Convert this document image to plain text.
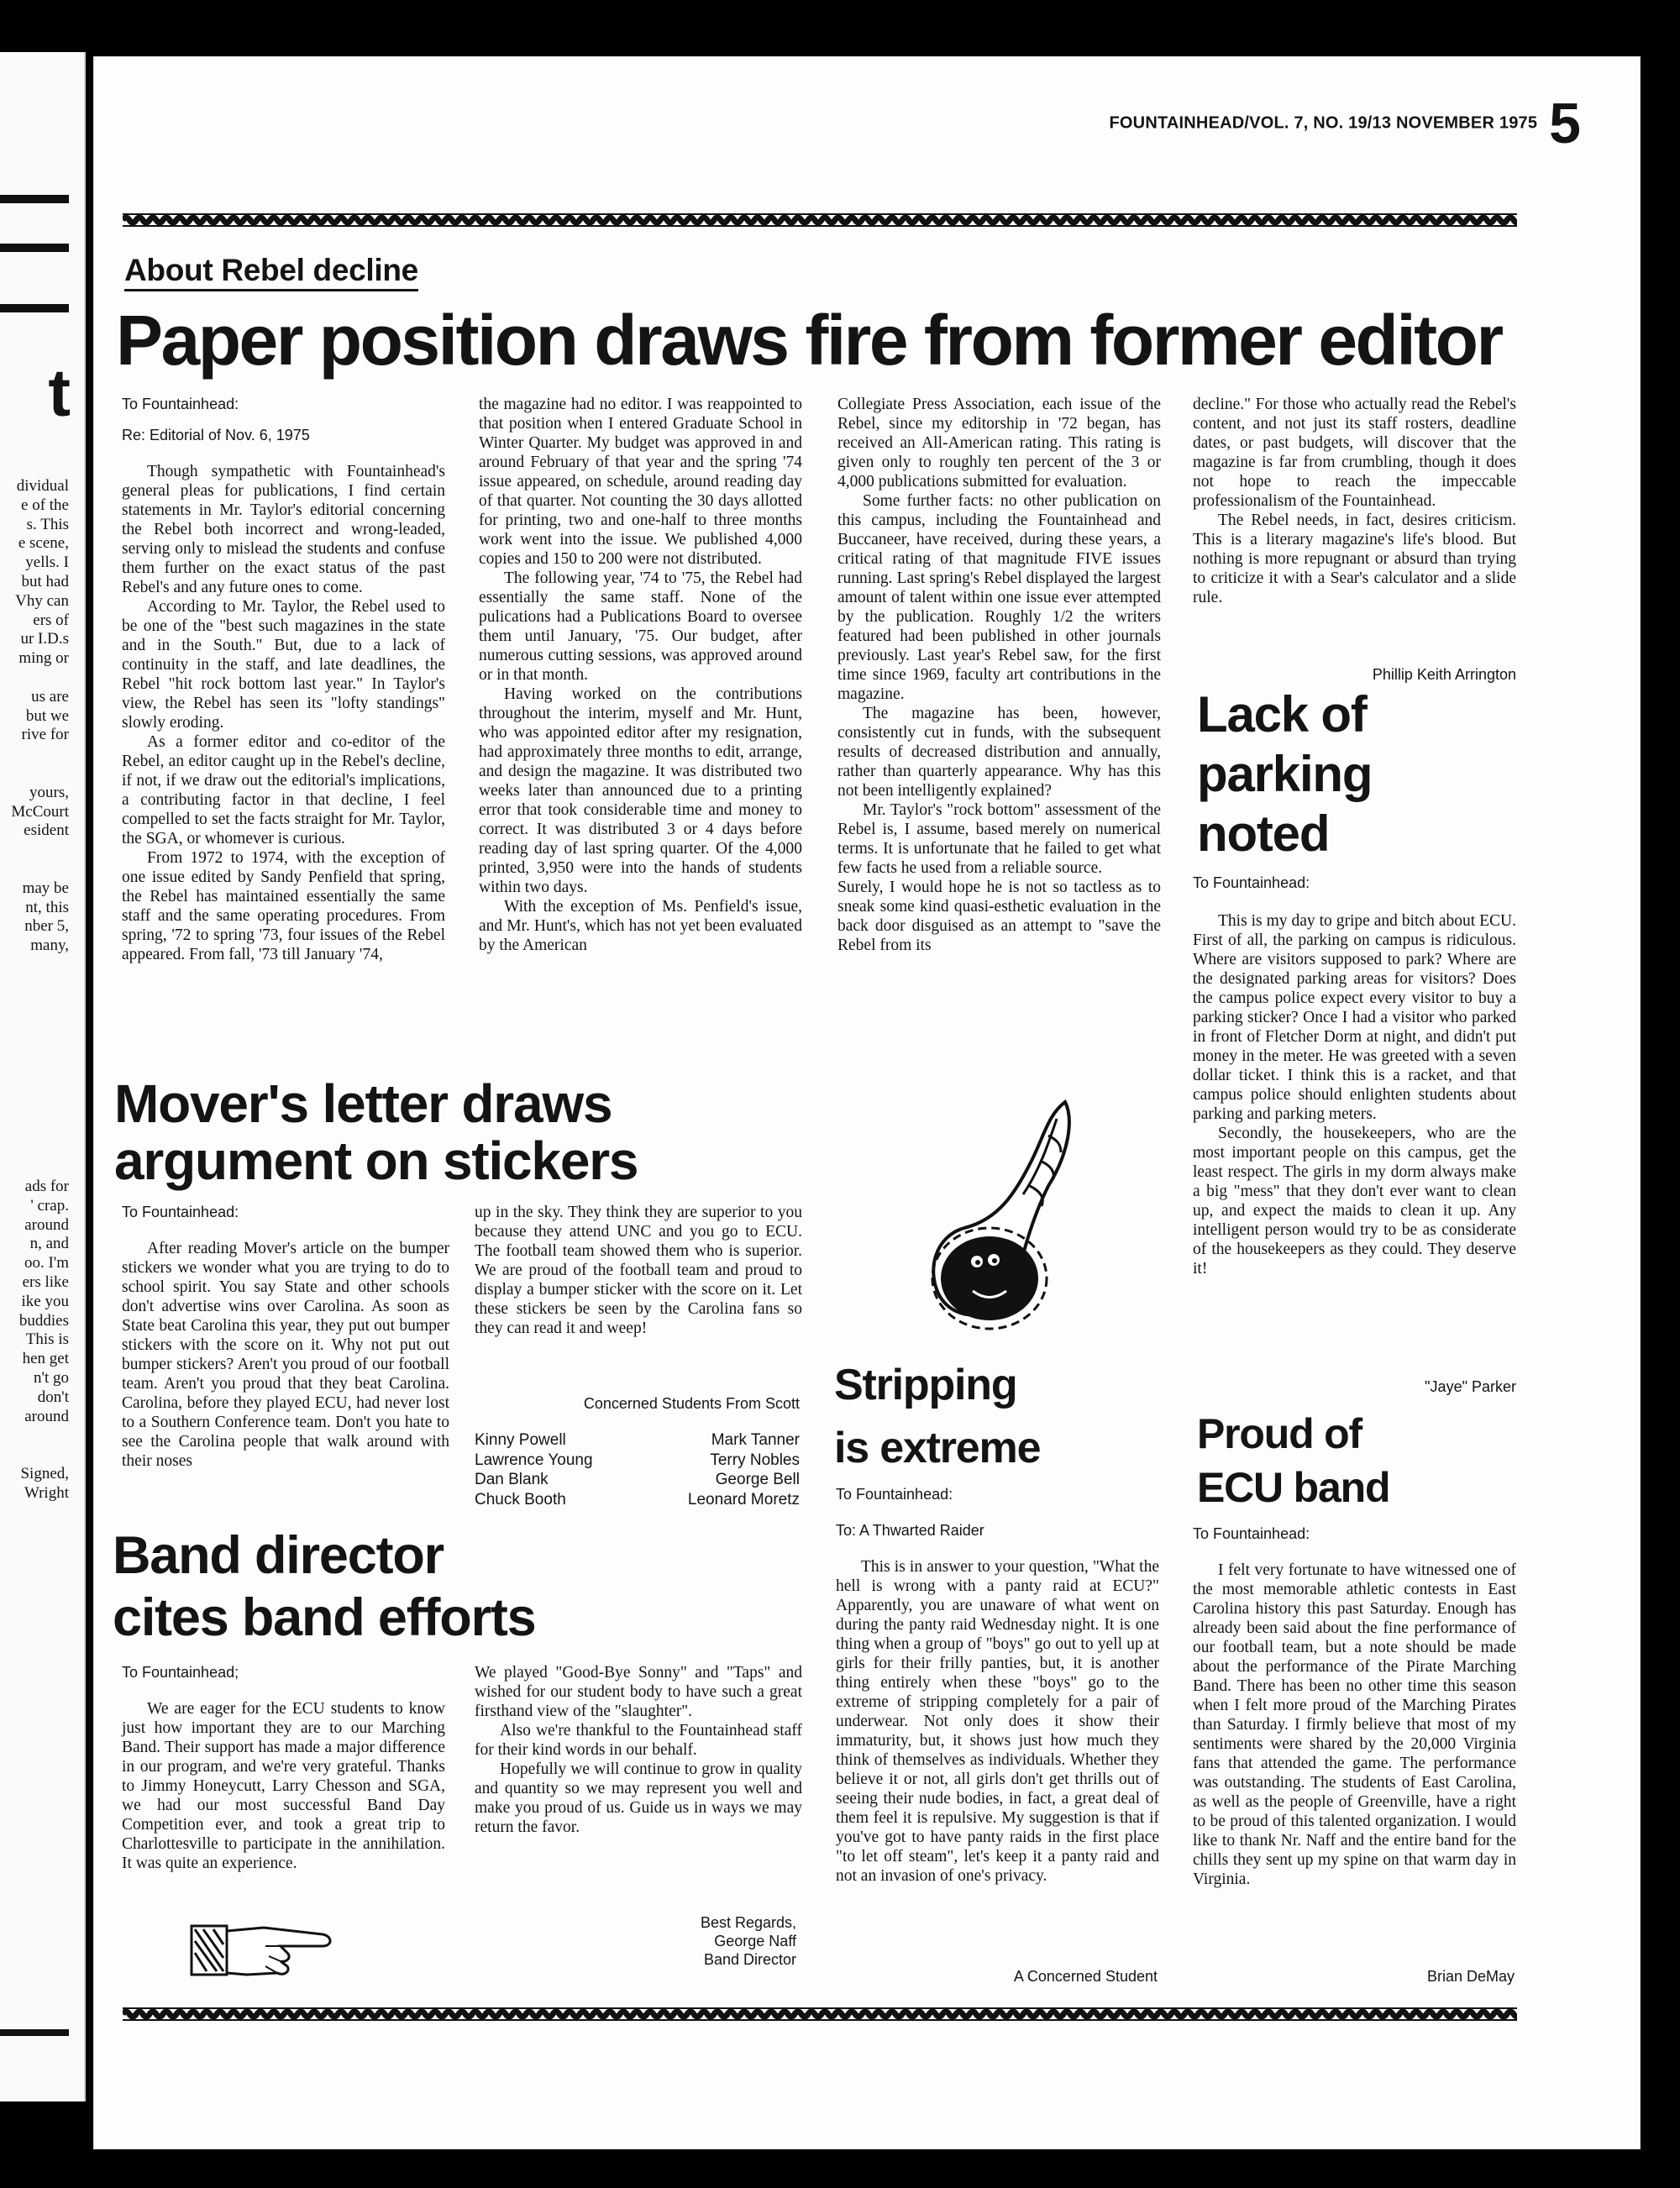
t
dividual
e of the
s. This
e scene,
yells. I
but had
Vhy can
ers of
ur I.D.s
ming or

us are
but we
rive for

yours,
McCourt
esident

may be
nt, this
nber 5,
many,
ads for
' crap.
around
n, and
oo. I'm
ers like
ike you
buddies
This is
hen get
n't go
don't
around

Signed,
Wright
FOUNTAINHEAD/VOL. 7, NO. 19/13 NOVEMBER 1975 5
About Rebel decline
Paper position draws fire from former editor
To Fountainhead:
Re: Editorial of Nov. 6, 1975

Though sympathetic with Fountainhead's general pleas for publications, I find certain statements in Mr. Taylor's editorial concerning the Rebel both incorrect and wrong-leaded, serving only to mislead the students and confuse them further on the exact status of the past Rebel's and any future ones to come.

According to Mr. Taylor, the Rebel used to be one of the "best such magazines in the state and in the South." But, due to a lack of continuity in the staff, and late deadlines, the Rebel "hit rock bottom last year." In Taylor's view, the Rebel has seen its "lofty standings" slowly eroding.

As a former editor and co-editor of the Rebel, an editor caught up in the Rebel's decline, if not, if we draw out the editorial's implications, a contributing factor in that decline, I feel compelled to set the facts straight for Mr. Taylor, the SGA, or whomever is curious.

From 1972 to 1974, with the exception of one issue edited by Sandy Penfield that spring, the Rebel has maintained essentially the same staff and the same operating procedures. From spring, '72 to spring '73, four issues of the Rebel appeared. From fall, '73 till January '74,

the magazine had no editor. I was reappointed to that position when I entered Graduate School in Winter Quarter. My budget was approved in and around February of that year and the spring '74 issue appeared, on schedule, around reading day of that quarter. Not counting the 30 days allotted for printing, two and one-half to three months work went into the issue. We published 4,000 copies and 150 to 200 were not distributed.

The following year, '74 to '75, the Rebel had essentially the same staff. None of the pulications had a Publications Board to oversee them until January, '75. Our budget, after numerous cutting sessions, was approved around or in that month.

Having worked on the contributions throughout the interim, myself and Mr. Hunt, who was appointed editor after my resignation, had approximately three months to edit, arrange, and design the magazine. It was distributed two weeks later than announced due to a printing error that took considerable time and money to correct. It was distributed 3 or 4 days before reading day of last spring quarter. Of the 4,000 printed, 3,950 were into the hands of students within two days.

With the exception of Ms. Penfield's issue, and Mr. Hunt's, which has not yet been evaluated by the American

Collegiate Press Association, each issue of the Rebel, since my editorship in '72 began, has received an All-American rating. This rating is given only to roughly ten percent of the 3 or 4,000 publications submitted for evaluation.

Some further facts: no other publication on this campus, including the Fountainhead and Buccaneer, have received, during these years, a critical rating of that magnitude FIVE issues running. Last spring's Rebel displayed the largest amount of talent within one issue ever attempted by the publication. Roughly 1/2 the writers featured had been published in other journals previously. Last year's Rebel saw, for the first time since 1969, faculty art contributions in the magazine.

The magazine has been, however, consistently cut in funds, with the subsequent results of decreased distribution and annually, rather than quarterly appearance. Why has this not been intelligently explained?

Mr. Taylor's "rock bottom" assessment of the Rebel is, I assume, based merely on numerical terms. It is unfortunate that he failed to get what few facts he used from a reliable source.

Surely, I would hope he is not so tactless as to sneak some kind quasi-esthetic evaluation in the back door disguised as an attempt to "save the Rebel from its

decline." For those who actually read the Rebel's content, and not just its staff rosters, deadline dates, or past budgets, will discover that the magazine is far from crumbling, though it does not hope to reach the impeccable professionalism of the Fountainhead.

The Rebel needs, in fact, desires criticism. This is a literary magazine's life's blood. But nothing is more repugnant or absurd than trying to criticize it with a Sear's calculator and a slide rule.

Phillip Keith Arrington
Lack of
parking
noted
To Fountainhead:

This is my day to gripe and bitch about ECU. First of all, the parking on campus is ridiculous. Where are visitors supposed to park? Where are the designated parking areas for visitors? Does the campus police expect every visitor to buy a parking sticker? Once I had a visitor who parked in front of Fletcher Dorm at night, and didn't put money in the meter. He was greeted with a seven dollar ticket. I think this is a racket, and that campus police should enlighten students about parking and parking meters.

Secondly, the housekeepers, who are the most important people on this campus, get the least respect. The girls in my dorm always make a big "mess" that they don't ever want to clean up, and expect the maids to clean it up. Any intelligent person would try to be as considerate of the housekeepers as they could. They deserve it!

"Jaye" Parker
Mover's letter draws
argument on stickers
To Fountainhead:

After reading Mover's article on the bumper stickers we wonder what you are trying to do to school spirit. You say State and other schools don't advertise wins over Carolina. As soon as State beat Carolina this year, they put out bumper stickers with the score on it. Why not put out bumper stickers? Aren't you proud of our football team. Aren't you proud that they beat Carolina. Carolina, before they played ECU, had never lost to a Southern Conference team. Don't you hate to see the Carolina people that walk around with their noses

up in the sky. They think they are superior to you because they attend UNC and you go to ECU. The football team showed them who is superior. We are proud of the football team and proud to display a bumper sticker with the score on it. Let these stickers be seen by the Carolina fans so they can read it and weep!

Concerned Students From Scott
Kinny Powell
Lawrence Young
Dan Blank
Chuck Booth
Mark Tanner
Terry Nobles
George Bell
Leonard Moretz
Stripping
is extreme
To Fountainhead:
To: A Thwarted Raider

This is in answer to your question, "What the hell is wrong with a panty raid at ECU?" Apparently, you are unaware of what went on during the panty raid Wednesday night. It is one thing when a group of "boys" go out to yell up at girls for their frilly panties, but, it is another thing entirely when these "boys" go to the extreme of stripping completely for a pair of underwear. Not only does it show their immaturity, but, it shows just how much they think of themselves as individuals. Whether they believe it or not, all girls don't get thrills out of seeing their nude bodies, in fact, a great deal of them feel it is repulsive. My suggestion is that if you've got to have panty raids in the first place "to let off steam", let's keep it a panty raid and not an invasion of one's privacy.

A Concerned Student
Proud of
ECU band
To Fountainhead:

I felt very fortunate to have witnessed one of the most memorable athletic contests in East Carolina history this past Saturday. Enough has already been said about the fine performance of our football team, but a note should be made about the performance of the Pirate Marching Band. There has been no other time this season when I felt more proud of the Marching Pirates than Saturday. I firmly believe that most of my sentiments were shared by the 20,000 Virginia fans that attended the game. The performance was outstanding. The students of East Carolina, as well as the people of Greenville, have a right to be proud of this talented organization. I would like to thank Nr. Naff and the entire band for the chills they sent up my spine on that warm day in Virginia.

Brian DeMay
Band director
cites band efforts
To Fountainhead;

We are eager for the ECU students to know just how important they are to our Marching Band. Their support has made a major difference in our program, and we're very grateful. Thanks to Jimmy Honeycutt, Larry Chesson and SGA, we had our most successful Band Day Competition ever, and took a great trip to Charlottesville to participate in the annihilation. It was quite an experience.

We played "Good-Bye Sonny" and "Taps" and wished for our student body to have such a great firsthand view of the "slaughter".

Also we're thankful to the Fountainhead staff for their kind words in our behalf.

Hopefully we will continue to grow in quality and quantity so we may represent you well and make you proud of us. Guide us in ways we may return the favor.

Best Regards,
George Naff
Band Director
